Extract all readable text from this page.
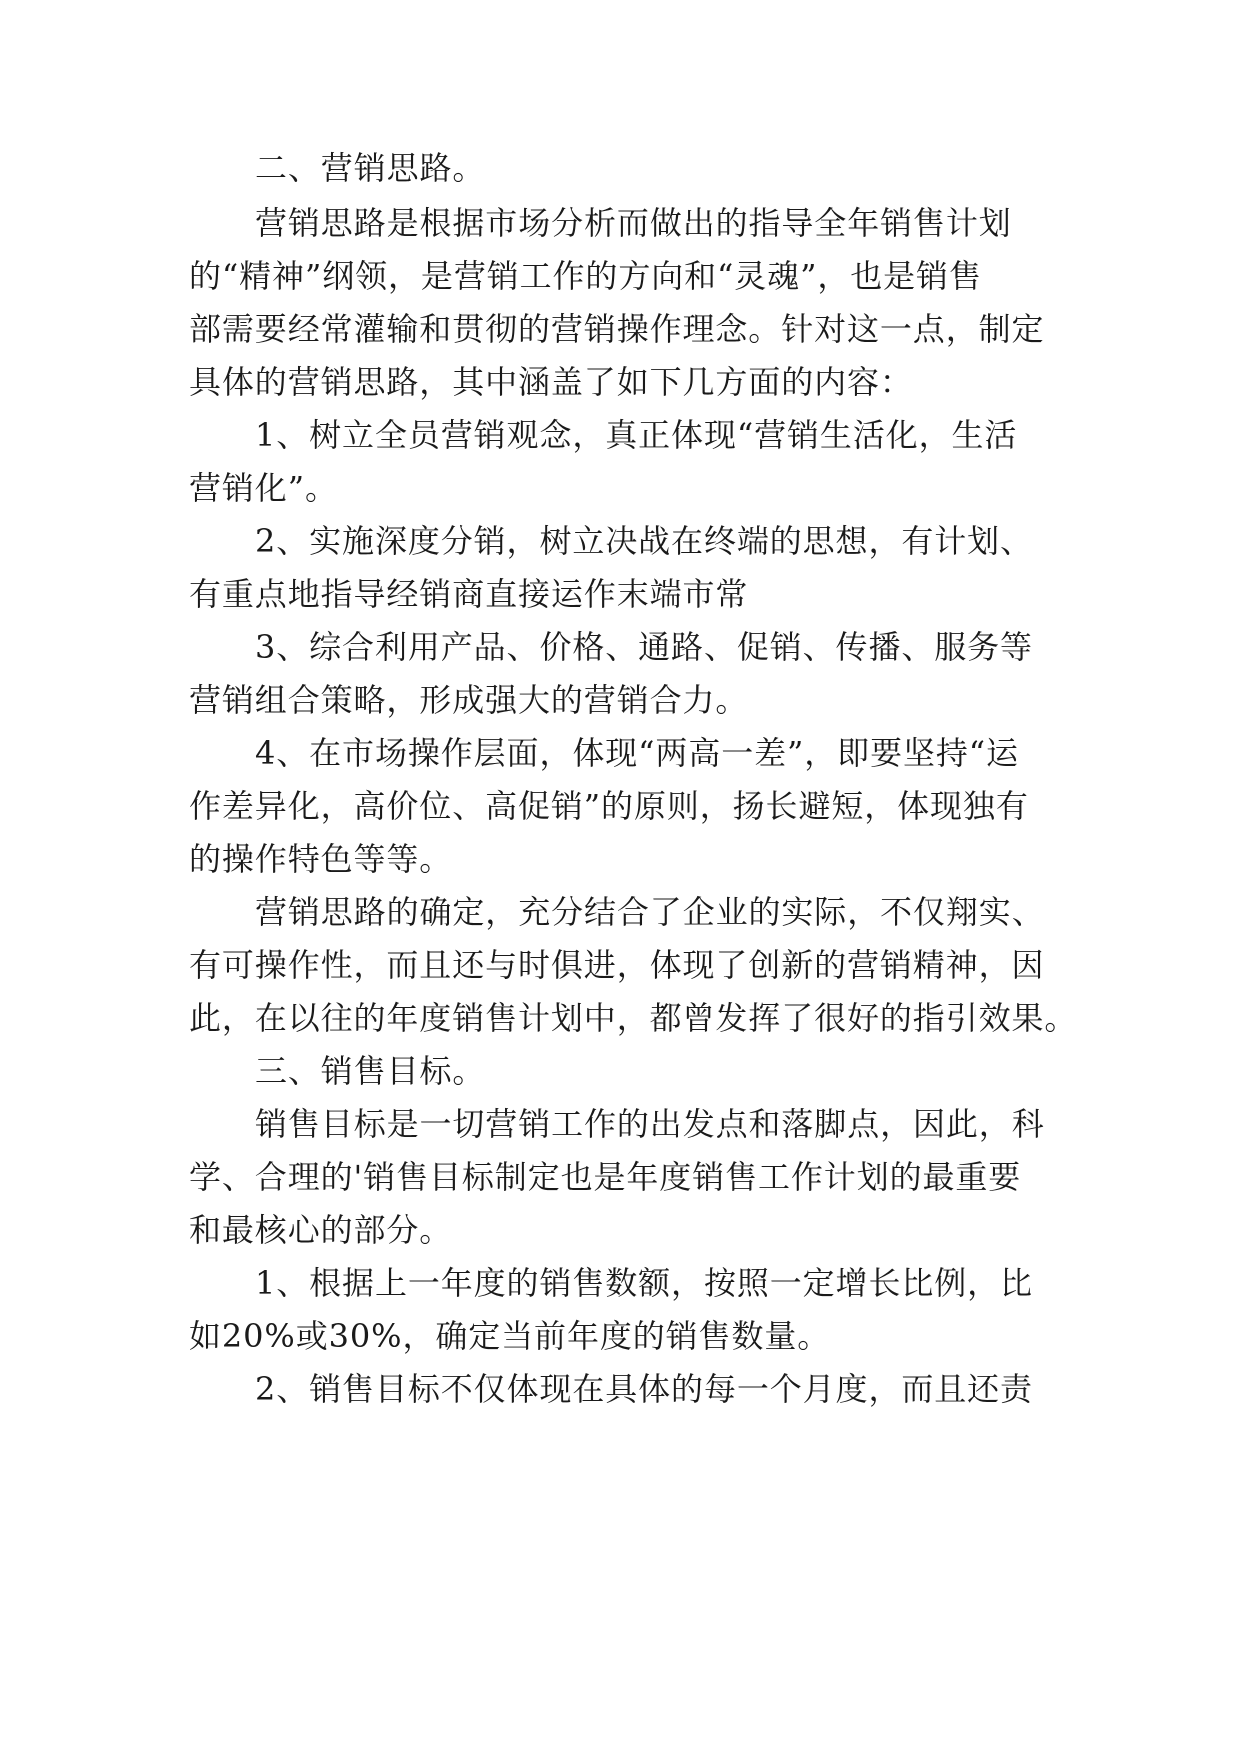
二、营销思路。

营销思路是根据市场分析而做出的指导全年销售计划

的“精神”纲领，是营销工作的方向和“灵魂”，也是销售

部需要经常灌输和贯彻的营销操作理念。针对这一点，制定

具体的营销思路，其中涵盖了如下几方面的内容：

1、树立全员营销观念，真正体现“营销生活化，生活

营销化”。

2、实施深度分销，树立决战在终端的思想，有计划、

有重点地指导经销商直接运作末端市常

3、综合利用产品、价格、通路、促销、传播、服务等

营销组合策略，形成强大的营销合力。

4、在市场操作层面，体现“两高一差”，即要坚持“运

作差异化，高价位、高促销”的原则，扬长避短，体现独有

的操作特色等等。

营销思路的确定，充分结合了企业的实际，不仅翔实、

有可操作性，而且还与时俱进，体现了创新的营销精神，因

此，在以往的年度销售计划中，都曾发挥了很好的指引效果。

三、销售目标。

销售目标是一切营销工作的出发点和落脚点，因此，科

学、合理的'销售目标制定也是年度销售工作计划的最重要

和最核心的部分。

1、根据上一年度的销售数额，按照一定增长比例，比

如20%或30%，确定当前年度的销售数量。

2、销售目标不仅体现在具体的每一个月度，而且还责
